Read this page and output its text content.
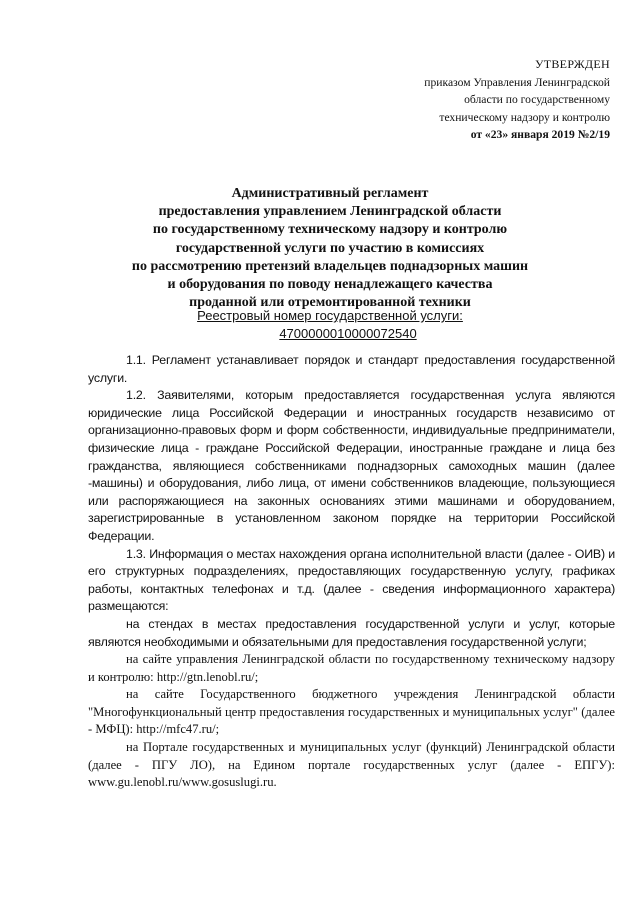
УТВЕРЖДЕН
приказом Управления Ленинградской
области по государственному
техническому надзору и контролю
от «23» января 2019 №2/19
Административный регламент
предоставления управлением Ленинградской области
по государственному техническому надзору и контролю
государственной услуги по участию в комиссиях
по рассмотрению претензий владельцев поднадзорных машин
и оборудования по поводу ненадлежащего качества
проданной или отремонтированной техники
Реестровый номер государственной услуги:
4700000010000072540

1.1. Регламент устанавливает порядок и стандарт предоставления государственной услуги.

1.2. Заявителями, которым предоставляется государственная услуга являются юридические лица Российской Федерации и иностранных государств независимо от организационно-правовых форм и форм собственности, индивидуальные предприниматели, физические лица - граждане Российской Федерации, иностранные граждане и лица без гражданства, являющиеся собственниками поднадзорных самоходных машин (далее -машины) и оборудования, либо лица, от имени собственников владеющие, пользующиеся или распоряжающиеся на законных основаниях этими машинами и оборудованием, зарегистрированные в установленном законом порядке на территории Российской Федерации.

1.3. Информация о местах нахождения органа исполнительной власти (далее - ОИВ) и его структурных подразделениях, предоставляющих государственную услугу, графиках работы, контактных телефонах и т.д. (далее - сведения информационного характера) размещаются:

на стендах в местах предоставления государственной услуги и услуг, которые являются необходимыми и обязательными для предоставления государственной услуги;

на сайте управления Ленинградской области по государственному техническому надзору и контролю: http://gtn.lenobl.ru/;

на сайте Государственного бюджетного учреждения Ленинградской области "Многофункциональный центр предоставления государственных и муниципальных услуг" (далее - МФЦ): http://mfc47.ru/;

на Портале государственных и муниципальных услуг (функций) Ленинградской области (далее - ПГУ ЛО), на Едином портале государственных услуг (далее - ЕПГУ): www.gu.lenobl.ru/www.gosuslugi.ru.
